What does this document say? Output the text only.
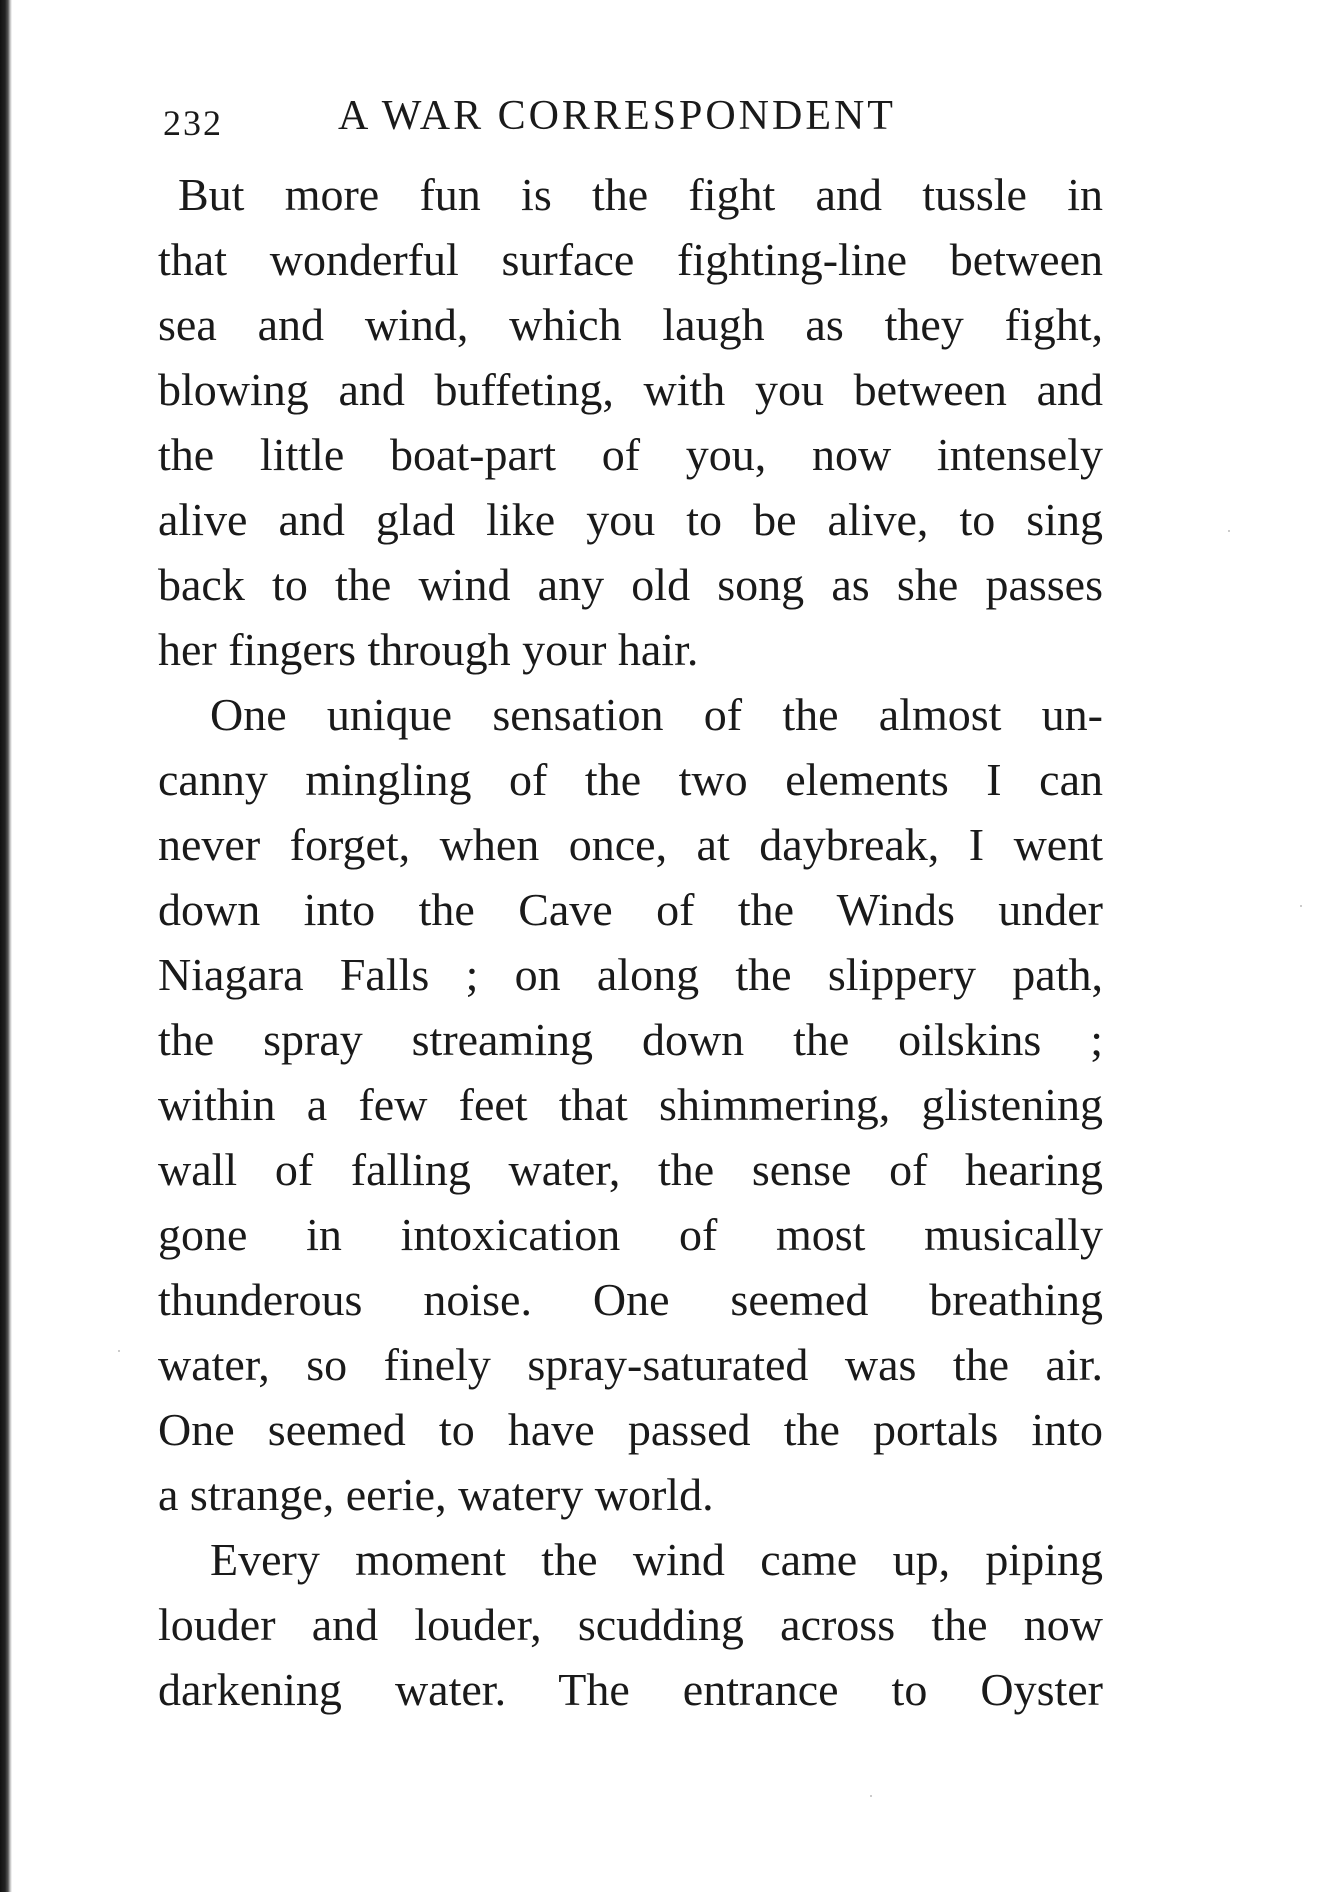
232	A WAR CORRESPONDENT
But more fun is the fight and tussle in
that wonderful surface fighting-line between
sea and wind, which laugh as they fight,
blowing and buffeting, with you between and
the little boat-part of you, now intensely
alive and glad like you to be alive, to sing
back to the wind any old song as she passes
her fingers through your hair.
One unique sensation of the almost un-
canny mingling of the two elements I can
never forget, when once, at daybreak, I went
down into the Cave of the Winds under
Niagara Falls ; on along the slippery path,
the spray streaming down the oilskins ;
within a few feet that shimmering, glistening
wall of falling water, the sense of hearing
gone in intoxication of most musically
thunderous noise. One seemed breathing
water, so finely spray-saturated was the air.
One seemed to have passed the portals into
a strange, eerie, watery world.
Every moment the wind came up, piping
louder and louder, scudding across the now
darkening water. The entrance to Oyster
